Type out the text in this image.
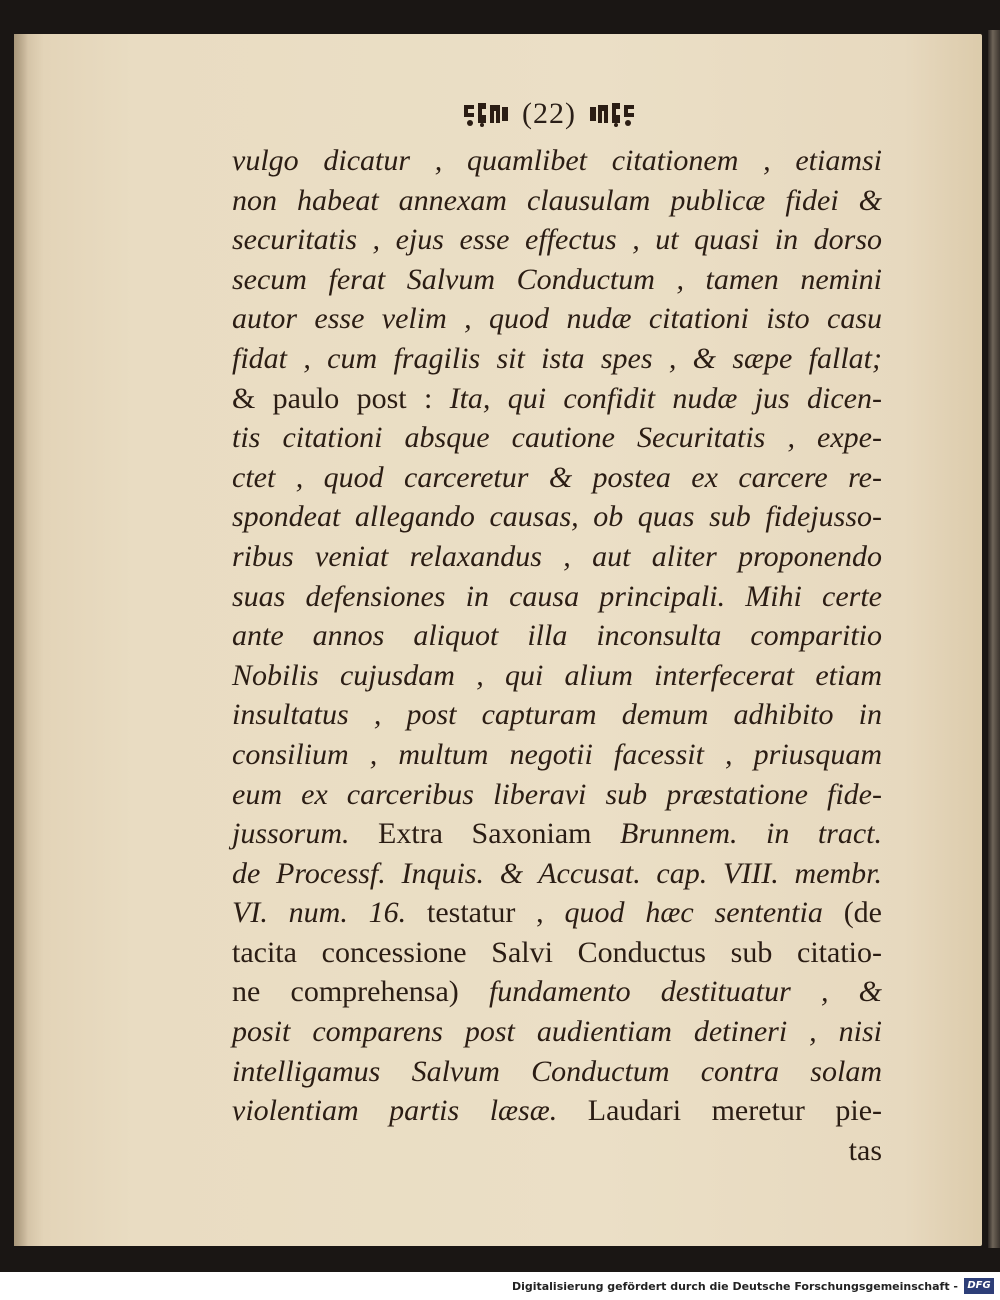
(22)
vulgo dicatur , quamlibet citationem , etiamsi
non habeat annexam clausulam publicæ fidei &
securitatis , ejus esse effectus , ut quasi in dorso
secum ferat Salvum Conductum , tamen nemini
autor esse velim , quod nudæ citationi isto casu
fidat , cum fragilis sit ista spes , & sæpe fallat;
& paulo post : Ita, qui confidit nudæ jus dicen-
tis citationi absque cautione Securitatis , expe-
ctet , quod carceretur & postea ex carcere re-
spondeat allegando causas, ob quas sub fidejusso-
ribus veniat relaxandus , aut aliter proponendo
suas defensiones in causa principali. Mihi certe
ante annos aliquot illa inconsulta comparitio
Nobilis cujusdam , qui alium interfecerat etiam
insultatus , post capturam demum adhibito in
consilium , multum negotii facessit , priusquam
eum ex carceribus liberavi sub præstatione fide-
jussorum. Extra Saxoniam Brunnem. in tract.
de Processf. Inquis. & Accusat. cap. VIII. membr.
VI. num. 16. testatur , quod hæc sententia (de
tacita concessione Salvi Conductus sub citatio-
ne comprehensa) fundamento destituatur , &
posit comparens post audientiam detineri , nisi
intelligamus Salvum Conductum contra solam
violentiam partis læsæ. Laudari meretur pie-
tas
Digitalisierung gefördert durch die Deutsche Forschungsgemeinschaft - DFG
